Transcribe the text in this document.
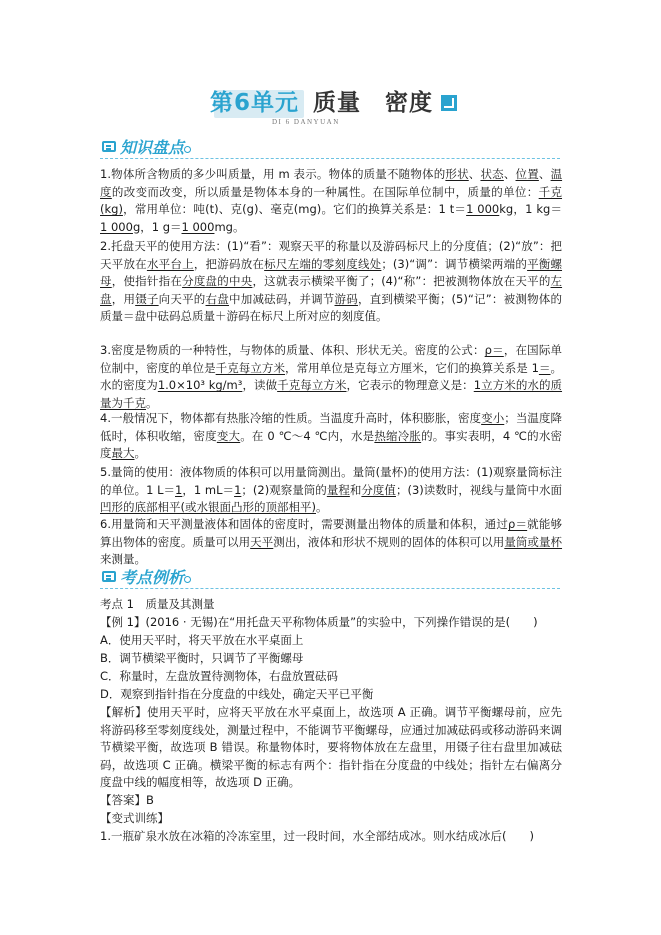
第6单元 质量　密度
DI 6 DANYUAN
知识盘点

1.物体所含物质的多少叫质量，用 m 表示。物体的质量不随物体的形状、状态、位置、温度的改变而改变，所以质量是物体本身的一种属性。在国际单位制中，质量的单位：千克(kg)，常用单位：吨(t)、克(g)、毫克(mg)。它们的换算关系是：1 t＝1 000kg，1 kg＝1 000g，1 g＝1 000mg。

2.托盘天平的使用方法：(1)“看”：观察天平的称量以及游码标尺上的分度值；(2)“放”：把天平放在水平台上，把游码放在标尺左端的零刻度线处；(3)“调”：调节横梁两端的平衡螺母，使指针指在分度盘的中央，这就表示横梁平衡了；(4)“称”：把被测物体放在天平的左盘，用镊子向天平的右盘中加减砝码，并调节游码，直到横梁平衡；(5)“记”：被测物体的质量＝盘中砝码总质量＋游码在标尺上所对应的刻度值。

3.密度是物质的一种特性，与物体的质量、体积、形状无关。密度的公式：ρ＝，在国际单位制中，密度的单位是千克每立方米，常用单位是克每立方厘米，它们的换算关系是 1＝。水的密度为1.0×10³ kg/m³，读做千克每立方米，它表示的物理意义是：1立方米的水的质量为千克。

4.一般情况下，物体都有热胀冷缩的性质。当温度升高时，体积膨胀，密度变小；当温度降低时，体积收缩，密度变大。在 0 ℃～4 ℃内，水是热缩冷胀的。事实表明，4 ℃的水密度最大。

5.量筒的使用：液体物质的体积可以用量筒测出。量筒(量杯)的使用方法：(1)观察量筒标注的单位。1 L＝1，1 mL＝1；(2)观察量筒的量程和分度值；(3)读数时，视线与量筒中水面凹形的底部相平(或水银面凸形的顶部相平)。

6.用量筒和天平测量液体和固体的密度时，需要测量出物体的质量和体积，通过ρ＝就能够算出物体的密度。质量可以用天平测出，液体和形状不规则的固体的体积可以用量筒或量杯来测量。

考点例析
考点 1　质量及其测量
【例 1】(2016 · 无锡)在“用托盘天平称物体质量”的实验中，下列操作错误的是(　　)
A．使用天平时，将天平放在水平桌面上
B．调节横梁平衡时，只调节了平衡螺母
C．称量时，左盘放置待测物体，右盘放置砝码
D．观察到指针指在分度盘的中线处，确定天平已平衡

【解析】使用天平时，应将天平放在水平桌面上，故选项 A 正确。调节平衡螺母前，应先将游码移至零刻度线处，测量过程中，不能调节平衡螺母，应通过加减砝码或移动游码来调节横梁平衡，故选项 B 错误。称量物体时，要将物体放在左盘里，用镊子往右盘里加减砝码，故选项 C 正确。横梁平衡的标志有两个：指针指在分度盘的中线处；指针左右偏离分度盘中线的幅度相等，故选项 D 正确。

【答案】B
【变式训练】
1.一瓶矿泉水放在冰箱的冷冻室里，过一段时间，水全部结成冰。则水结成冰后(　　)
